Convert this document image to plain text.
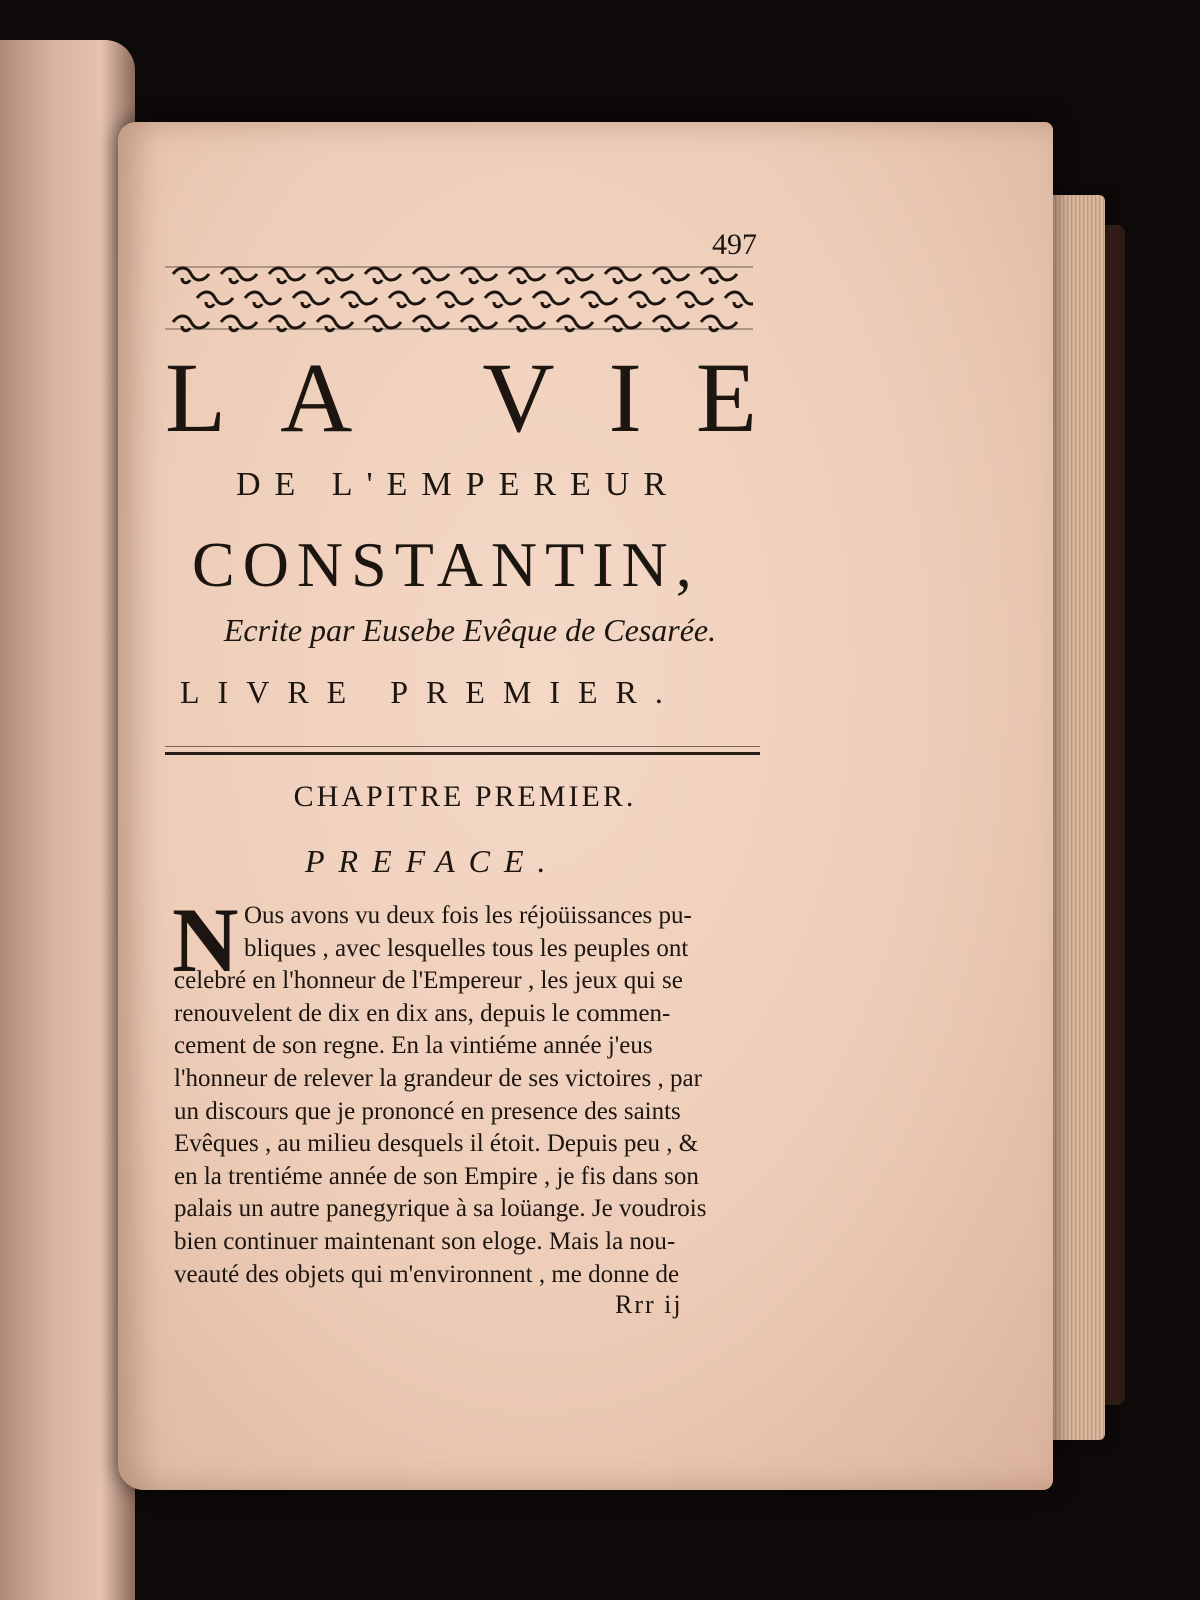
497
L A V I E
DE L'EMPEREUR
CONSTANTIN,
Ecrite par Eusebe Evêque de Cesarée.
LIVRE PREMIER.
CHAPITRE PREMIER.
PREFACE.
N Ous avons vu deux fois les réjoüissances pu-
bliques , avec lesquelles tous les peuples ont
celebré en l'honneur de l'Empereur , les jeux qui se
renouvelent de dix en dix ans, depuis le commen-
cement de son regne. En la vintiéme année j'eus
l'honneur de relever la grandeur de ses victoires , par
un discours que je prononcé en presence des saints
Evêques , au milieu desquels il étoit. Depuis peu , &
en la trentiéme année de son Empire , je fis dans son
palais un autre panegyrique à sa loüange. Je voudrois
bien continuer maintenant son eloge. Mais la nou-
veauté des objets qui m'environnent , me donne de
Rrr ij
